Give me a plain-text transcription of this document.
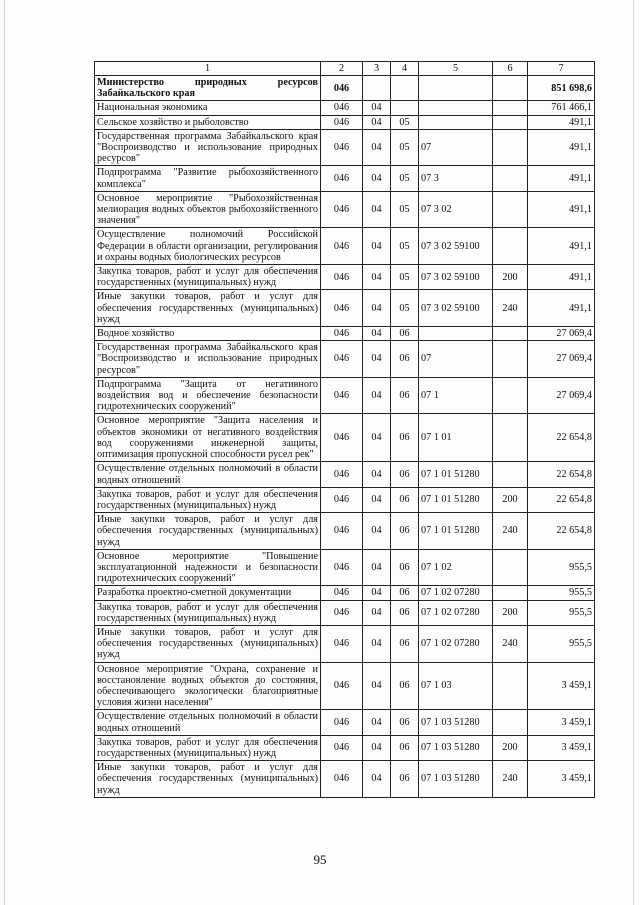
1	2	3	4	5	6	7
Министерство природных ресурсов Забайкальского края	046					851 698,6
Национальная экономика	046	04				761 466,1
Сельское хозяйство и рыболовство	046	04	05			491,1
Государственная программа Забайкальского края "Воспроизводство и использование природных ресурсов"	046	04	05	07		491,1
Подпрограмма "Развитие рыбохозяйственного комплекса"	046	04	05	07 3		491,1
Основное мероприятие "Рыбохозяйственная мелиорация водных объектов рыбохозяйственного значения"	046	04	05	07 3 02		491,1
Осуществление полномочий Российской Федерации в области организации, регулирования и охраны водных биологических ресурсов	046	04	05	07 3 02 59100		491,1
Закупка товаров, работ и услуг для обеспечения государственных (муниципальных) нужд	046	04	05	07 3 02 59100	200	491,1
Иные закупки товаров, работ и услуг для обеспечения государственных (муниципальных) нужд	046	04	05	07 3 02 59100	240	491,1
Водное хозяйство	046	04	06			27 069,4
Государственная программа Забайкальского края "Воспроизводство и использование природных ресурсов"	046	04	06	07		27 069,4
Подпрограмма "Защита от негативного воздействия вод и обеспечение безопасности гидротехнических сооружений"	046	04	06	07 1		27 069,4
Основное мероприятие "Защита населения и объектов экономики от негативного воздействия вод сооружениями инженерной защиты, оптимизация пропускной способности русел рек"	046	04	06	07 1 01		22 654,8
Осуществление отдельных полномочий в области водных отношений	046	04	06	07 1 01 51280		22 654,8
Закупка товаров, работ и услуг для обеспечения государственных (муниципальных) нужд	046	04	06	07 1 01 51280	200	22 654,8
Иные закупки товаров, работ и услуг для обеспечения государственных (муниципальных) нужд	046	04	06	07 1 01 51280	240	22 654,8
Основное мероприятие "Повышение эксплуатационной надежности и безопасности гидротехнических сооружений"	046	04	06	07 1 02		955,5
Разработка проектно-сметной документации	046	04	06	07 1 02 07280		955,5
Закупка товаров, работ и услуг для обеспечения государственных (муниципальных) нужд	046	04	06	07 1 02 07280	200	955,5
Иные закупки товаров, работ и услуг для обеспечения государственных (муниципальных) нужд	046	04	06	07 1 02 07280	240	955,5
Основное мероприятие "Охрана, сохранение и восстановление водных объектов до состояния, обеспечивающего экологически благоприятные условия жизни населения"	046	04	06	07 1 03		3 459,1
Осуществление отдельных полномочий в области водных отношений	046	04	06	07 1 03 51280		3 459,1
Закупка товаров, работ и услуг для обеспечения государственных (муниципальных) нужд	046	04	06	07 1 03 51280	200	3 459,1
Иные закупки товаров, работ и услуг для обеспечения государственных (муниципальных) нужд	046	04	06	07 1 03 51280	240	3 459,1
95
